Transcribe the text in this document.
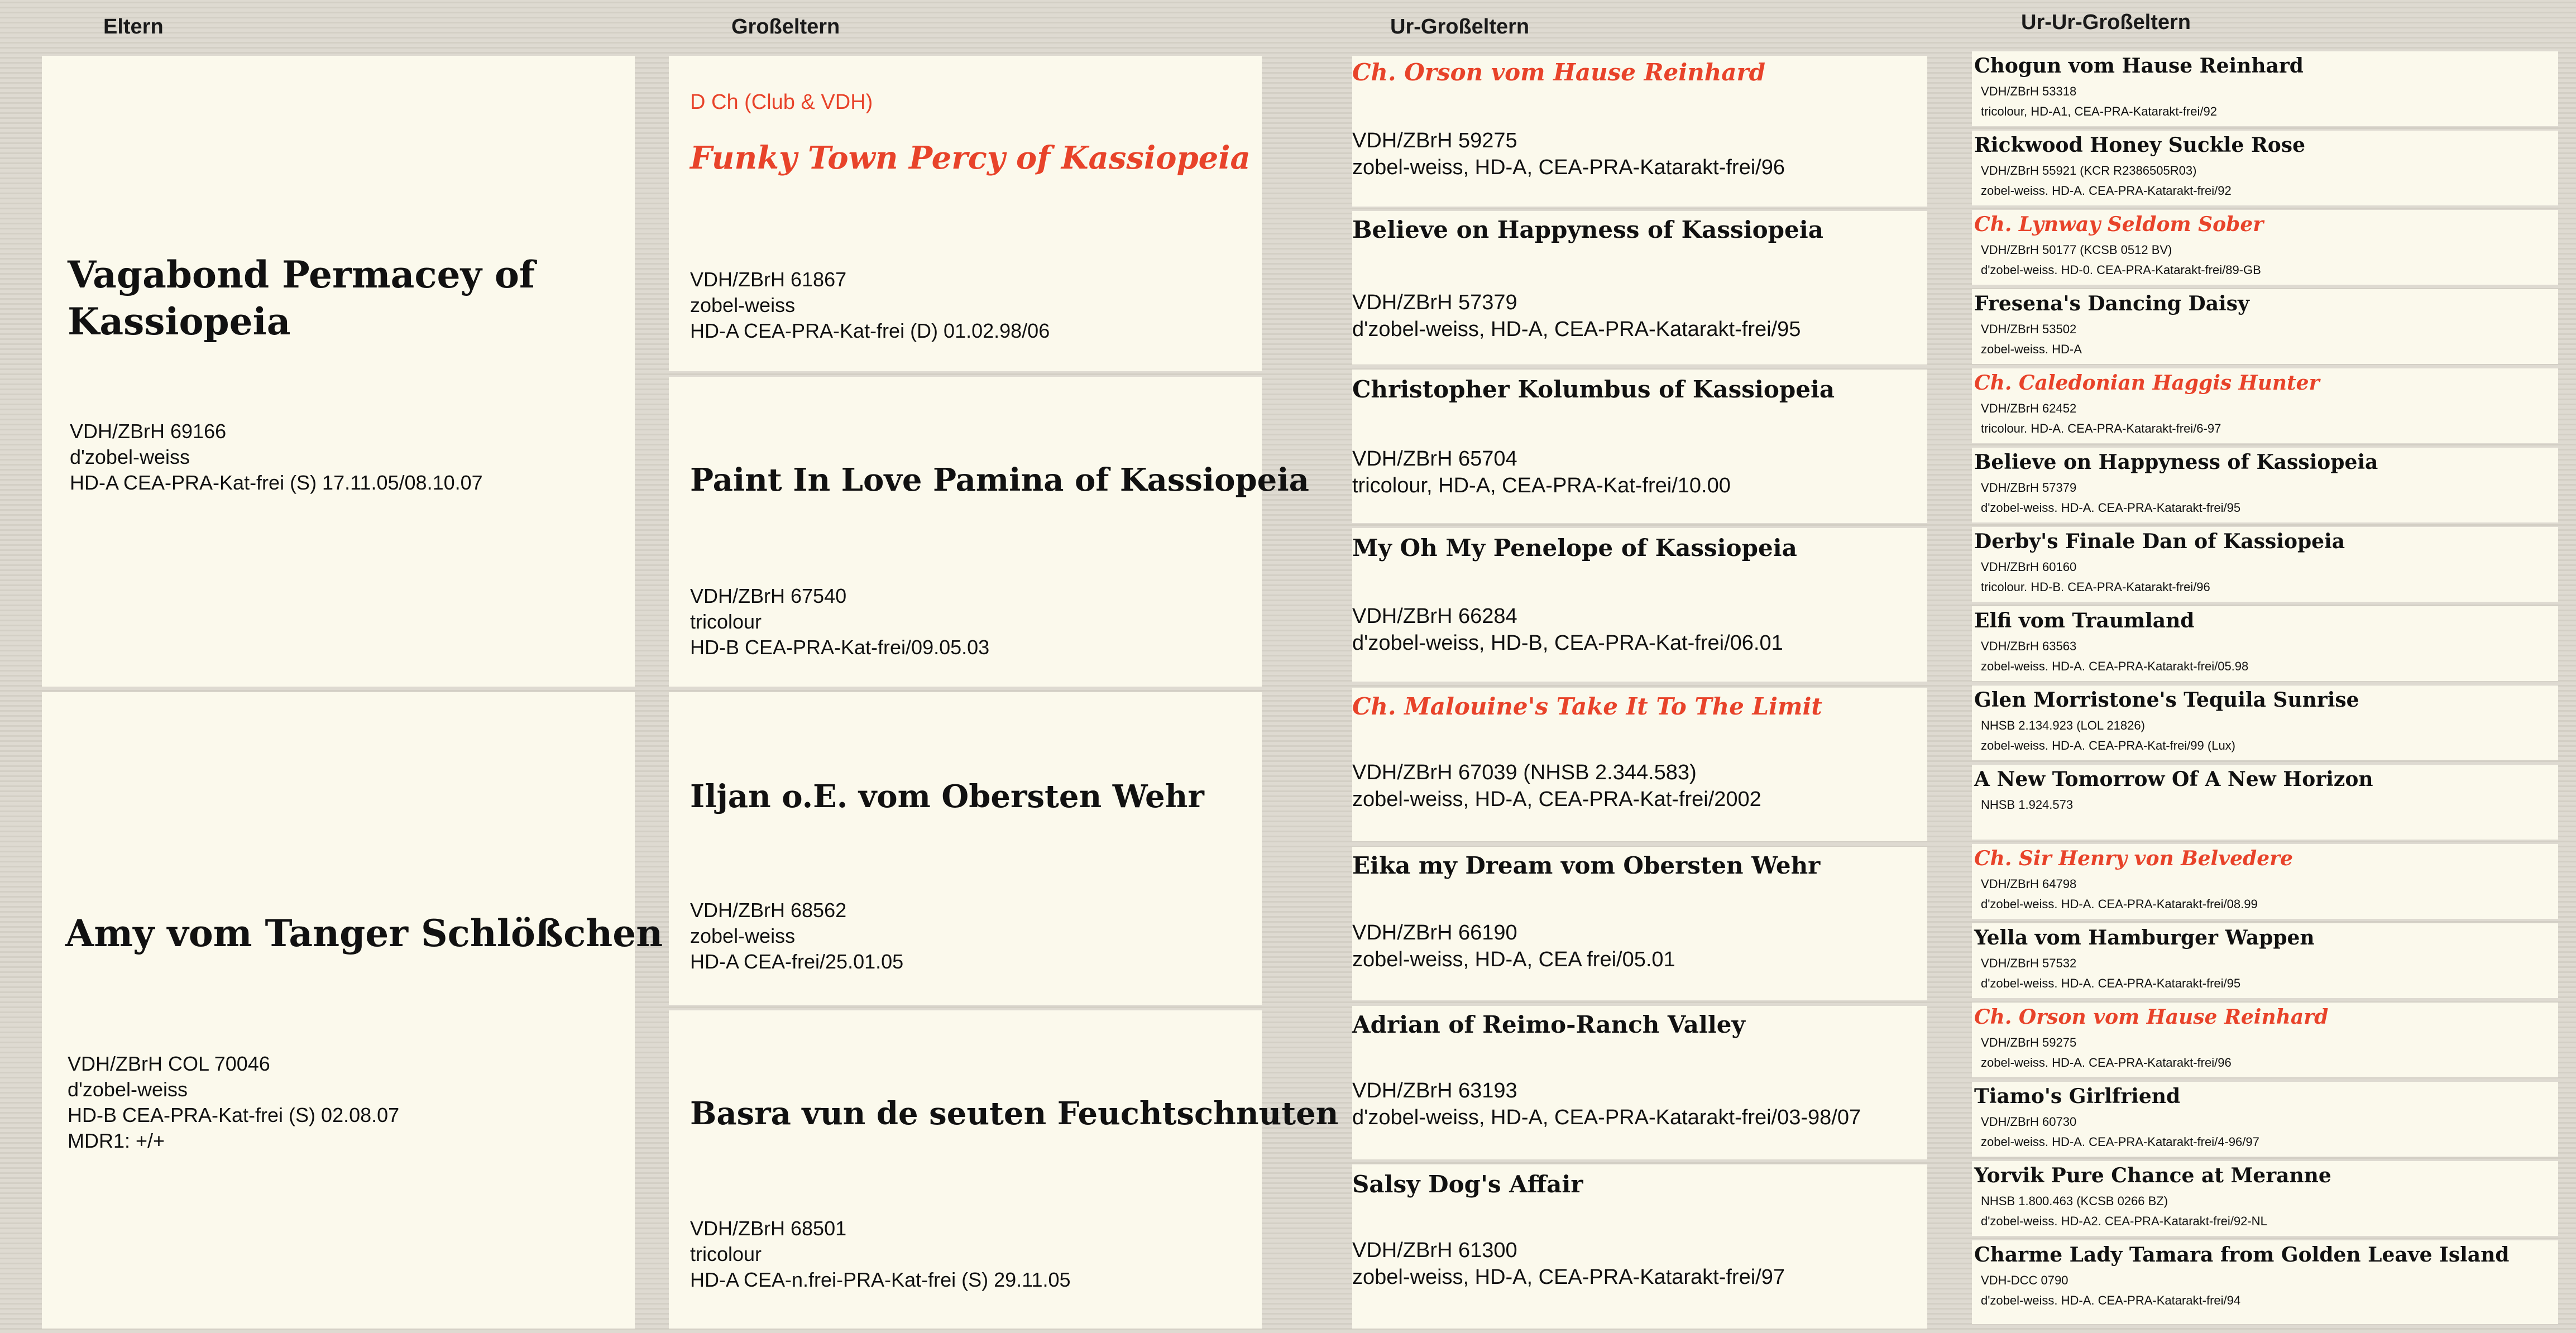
Eltern	Großeltern	Ur-Großeltern	Ur-Ur-Großeltern
Vagabond Permacey of
Kassiopeia
VDH/ZBrH 69166
d'zobel-weiss
HD-A CEA-PRA-Kat-frei (S) 17.11.05/08.10.07
Amy vom Tanger Schlößchen
VDH/ZBrH COL 70046
d'zobel-weiss
HD-B CEA-PRA-Kat-frei (S) 02.08.07
MDR1: +/+
D Ch (Club & VDH)
Funky Town Percy of Kassiopeia
VDH/ZBrH 61867
zobel-weiss
HD-A CEA-PRA-Kat-frei (D) 01.02.98/06
Paint In Love Pamina of Kassiopeia
VDH/ZBrH 67540
tricolour
HD-B CEA-PRA-Kat-frei/09.05.03
Iljan o.E. vom Obersten Wehr
VDH/ZBrH 68562
zobel-weiss
HD-A CEA-frei/25.01.05
Basra vun de seuten Feuchtschnuten
VDH/ZBrH 68501
tricolour
HD-A CEA-n.frei-PRA-Kat-frei (S) 29.11.05
Ch. Orson vom Hause Reinhard
VDH/ZBrH 59275
zobel-weiss, HD-A, CEA-PRA-Katarakt-frei/96
Believe on Happyness of Kassiopeia
VDH/ZBrH 57379
d'zobel-weiss, HD-A, CEA-PRA-Katarakt-frei/95
Christopher Kolumbus of Kassiopeia
VDH/ZBrH 65704
tricolour, HD-A, CEA-PRA-Kat-frei/10.00
My Oh My Penelope of Kassiopeia
VDH/ZBrH 66284
d'zobel-weiss, HD-B, CEA-PRA-Kat-frei/06.01
Ch. Malouine's Take It To The Limit
VDH/ZBrH 67039 (NHSB 2.344.583)
zobel-weiss, HD-A, CEA-PRA-Kat-frei/2002
Eika my Dream vom Obersten Wehr
VDH/ZBrH 66190
zobel-weiss, HD-A, CEA frei/05.01
Adrian of Reimo-Ranch Valley
VDH/ZBrH 63193
d'zobel-weiss, HD-A, CEA-PRA-Katarakt-frei/03-98/07
Salsy Dog's Affair
VDH/ZBrH 61300
zobel-weiss, HD-A, CEA-PRA-Katarakt-frei/97
Chogun vom Hause Reinhard
VDH/ZBrH 53318
tricolour, HD-A1, CEA-PRA-Katarakt-frei/92
Rickwood Honey Suckle Rose
VDH/ZBrH 55921 (KCR R2386505R03)
zobel-weiss. HD-A. CEA-PRA-Katarakt-frei/92
Ch. Lynway Seldom Sober
VDH/ZBrH 50177 (KCSB 0512 BV)
d'zobel-weiss. HD-0. CEA-PRA-Katarakt-frei/89-GB
Fresena's Dancing Daisy
VDH/ZBrH 53502
zobel-weiss. HD-A
Ch. Caledonian Haggis Hunter
VDH/ZBrH 62452
tricolour. HD-A. CEA-PRA-Katarakt-frei/6-97
Believe on Happyness of Kassiopeia
VDH/ZBrH 57379
d'zobel-weiss. HD-A. CEA-PRA-Katarakt-frei/95
Derby's Finale Dan of Kassiopeia
VDH/ZBrH 60160
tricolour. HD-B. CEA-PRA-Katarakt-frei/96
Elfi vom Traumland
VDH/ZBrH 63563
zobel-weiss. HD-A. CEA-PRA-Katarakt-frei/05.98
Glen Morristone's Tequila Sunrise
NHSB 2.134.923 (LOL 21826)
zobel-weiss. HD-A. CEA-PRA-Kat-frei/99 (Lux)
A New Tomorrow Of A New Horizon
NHSB 1.924.573
Ch. Sir Henry von Belvedere
VDH/ZBrH 64798
d'zobel-weiss. HD-A. CEA-PRA-Katarakt-frei/08.99
Yella vom Hamburger Wappen
VDH/ZBrH 57532
d'zobel-weiss. HD-A. CEA-PRA-Katarakt-frei/95
Ch. Orson vom Hause Reinhard
VDH/ZBrH 59275
zobel-weiss. HD-A. CEA-PRA-Katarakt-frei/96
Tiamo's Girlfriend
VDH/ZBrH 60730
zobel-weiss. HD-A. CEA-PRA-Katarakt-frei/4-96/97
Yorvik Pure Chance at Meranne
NHSB 1.800.463 (KCSB 0266 BZ)
d'zobel-weiss. HD-A2. CEA-PRA-Katarakt-frei/92-NL
Charme Lady Tamara from Golden Leave Island
VDH-DCC 0790
d'zobel-weiss. HD-A. CEA-PRA-Katarakt-frei/94
